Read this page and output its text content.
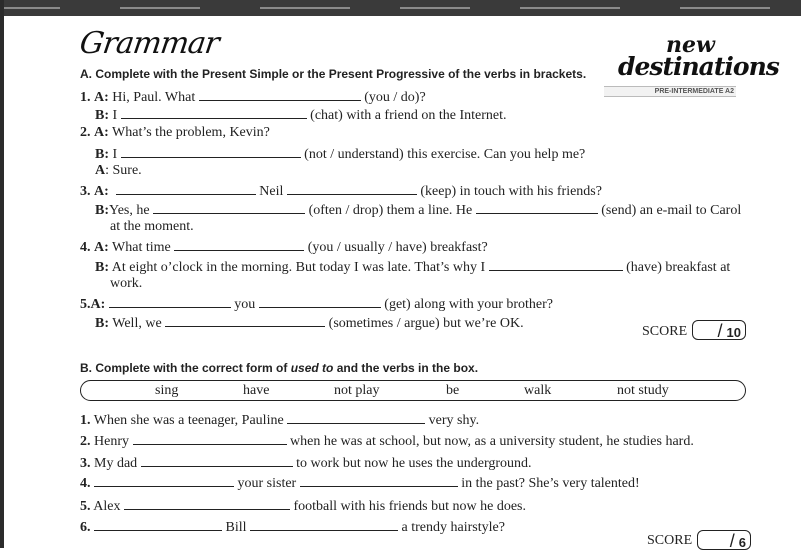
Grammar	new
destinations
PRE-INTERMEDIATE A2
A. Complete with the Present Simple or the Present Progressive of the verbs in brackets.
1. A: Hi, Paul. What	(you / do)?
B: I	(chat) with a friend on the Internet.
2. A: What’s the problem, Kevin?
B: I	(not / understand) this exercise. Can you help me?
A: Sure.
3. A:	Neil	(keep) in touch with his friends?
B:Yes, he	(often / drop) them a line. He	(send) an e-mail to Carol
at the moment.
4. A: What time	(you / usually / have) breakfast?
B: At eight o’clock in the morning. But today I was late. That’s why I	(have) breakfast at
work.
5.A:	you	(get) along with your brother?
B: Well, we	(sometimes / argue) but we’re OK.
SCORE	/ 10
B. Complete with the correct form of used to and the verbs in the box.
sing	have	not play	be	walk	not study
1. When she was a teenager, Pauline	very shy.
2. Henry	when he was at school, but now, as a university student, he studies hard.
3. My dad	to work but now he uses the underground.
4.	your sister	in the past? She’s very talented!
5. Alex	football with his friends but now he does.
6.	Bill	a trendy hairstyle?
SCORE	/ 6
